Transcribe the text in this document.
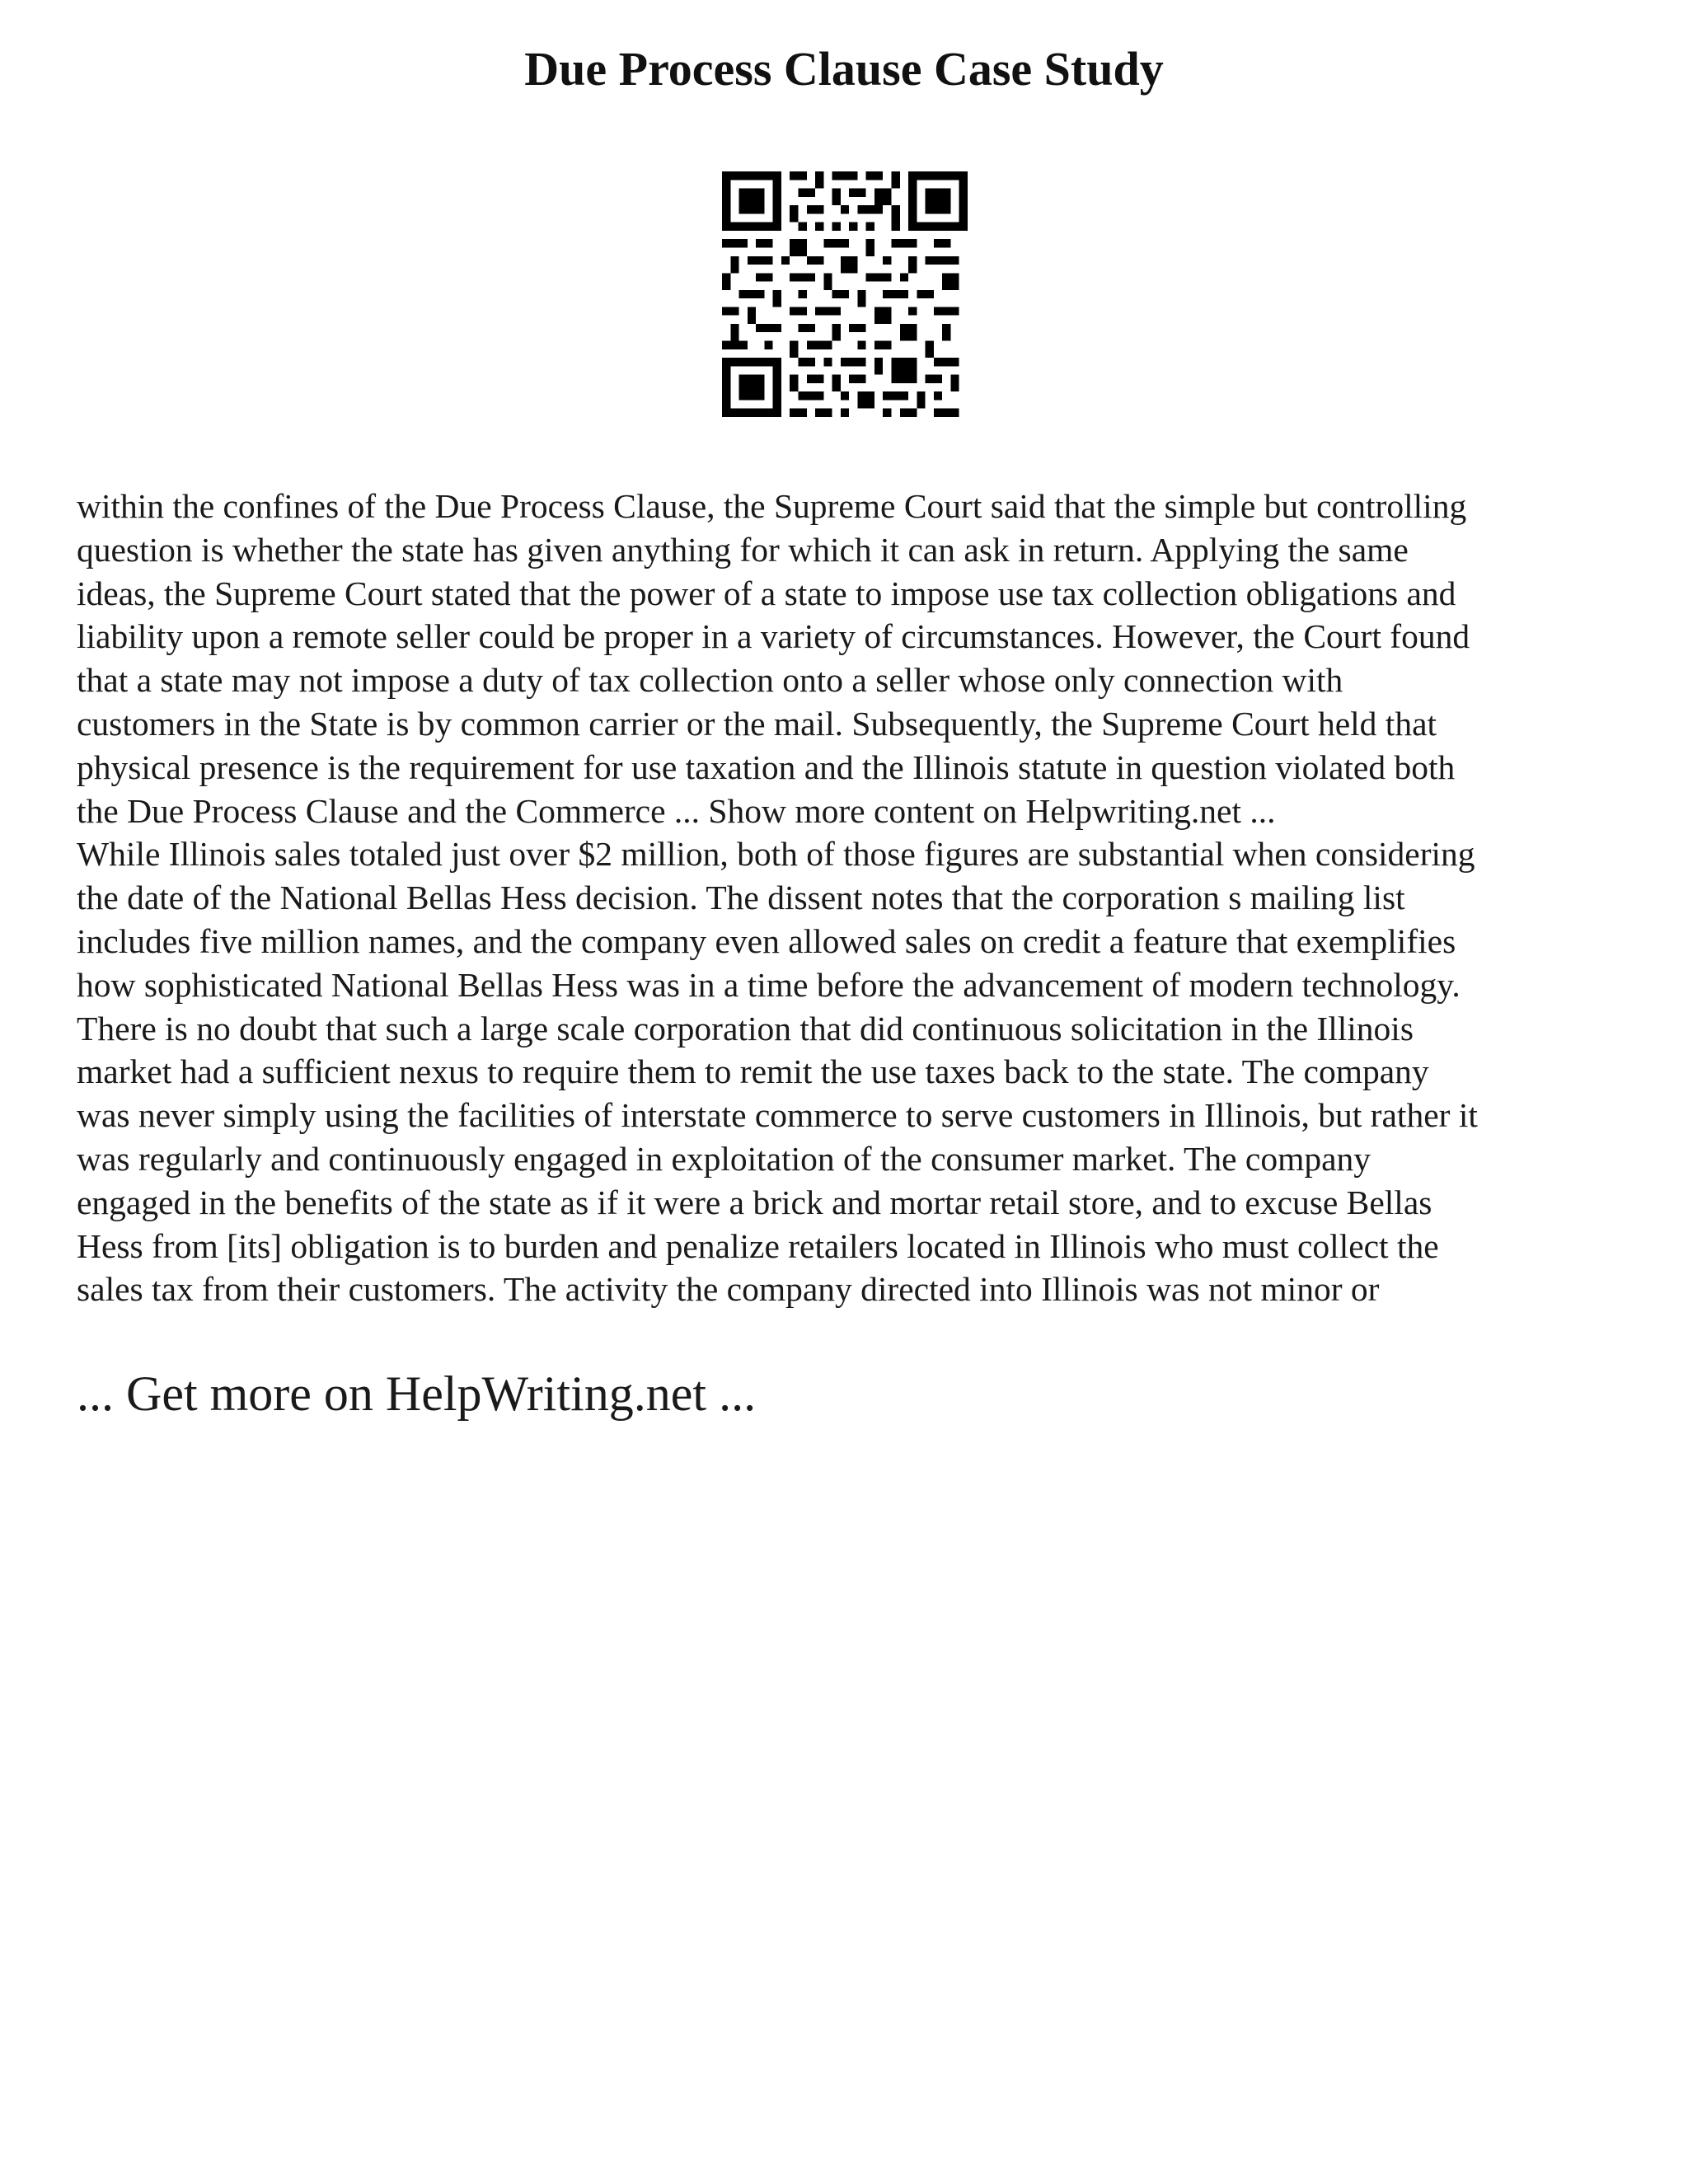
Due Process Clause Case Study
within the confines of the Due Process Clause, the Supreme Court said that the simple but controlling
question is whether the state has given anything for which it can ask in return. Applying the same
ideas, the Supreme Court stated that the power of a state to impose use tax collection obligations and
liability upon a remote seller could be proper in a variety of circumstances. However, the Court found
that a state may not impose a duty of tax collection onto a seller whose only connection with
customers in the State is by common carrier or the mail. Subsequently, the Supreme Court held that
physical presence is the requirement for use taxation and the Illinois statute in question violated both
the Due Process Clause and the Commerce ... Show more content on Helpwriting.net ...
While Illinois sales totaled just over $2 million, both of those figures are substantial when considering
the date of the National Bellas Hess decision. The dissent notes that the corporation s mailing list
includes five million names, and the company even allowed sales on credit a feature that exemplifies
how sophisticated National Bellas Hess was in a time before the advancement of modern technology.
There is no doubt that such a large scale corporation that did continuous solicitation in the Illinois
market had a sufficient nexus to require them to remit the use taxes back to the state. The company
was never simply using the facilities of interstate commerce to serve customers in Illinois, but rather it
was regularly and continuously engaged in exploitation of the consumer market. The company
engaged in the benefits of the state as if it were a brick and mortar retail store, and to excuse Bellas
Hess from [its] obligation is to burden and penalize retailers located in Illinois who must collect the
sales tax from their customers. The activity the company directed into Illinois was not minor or
... Get more on HelpWriting.net ...
